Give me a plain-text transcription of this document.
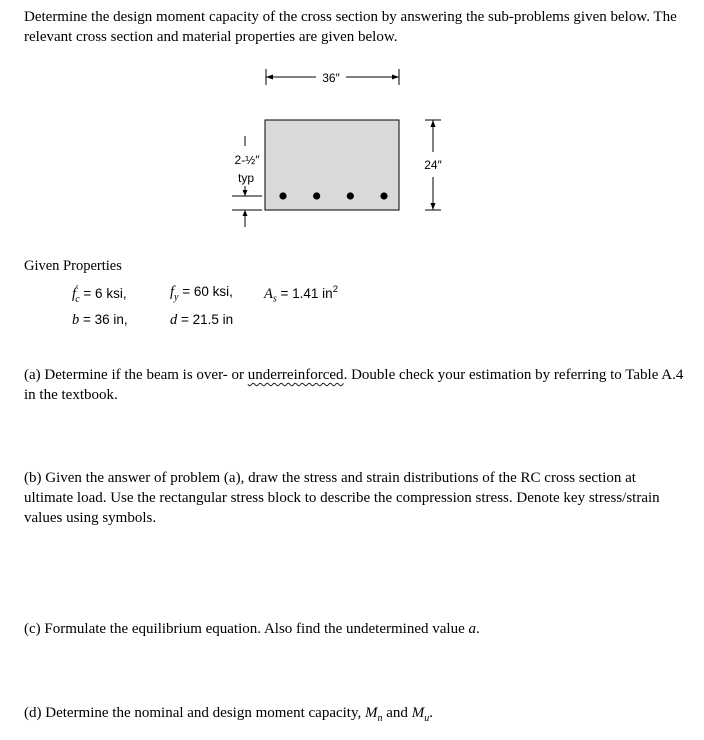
Determine the design moment capacity of the cross section by answering the sub-problems given below. The relevant cross section and material properties are given below.
36″
24″
2-½″
typ
Given Properties
$f'_c = 6$ ksi,	$f_y = 60$ ksi, $A_s = 1.41$ $in^2$
b = 36 in,	d = 21.5 in
(a) Determine if the beam is over- or underreinforced. Double check your estimation by referring to Table A.4 in the textbook.
(b) Given the answer of problem (a), draw the stress and strain distributions of the RC cross section at ultimate load. Use the rectangular stress block to describe the compression stress. Denote key stress/strain values using symbols.
(c) Formulate the equilibrium equation. Also find the undetermined value a.
(d) Determine the nominal and design moment capacity, $M_n$ and $M_u$.
